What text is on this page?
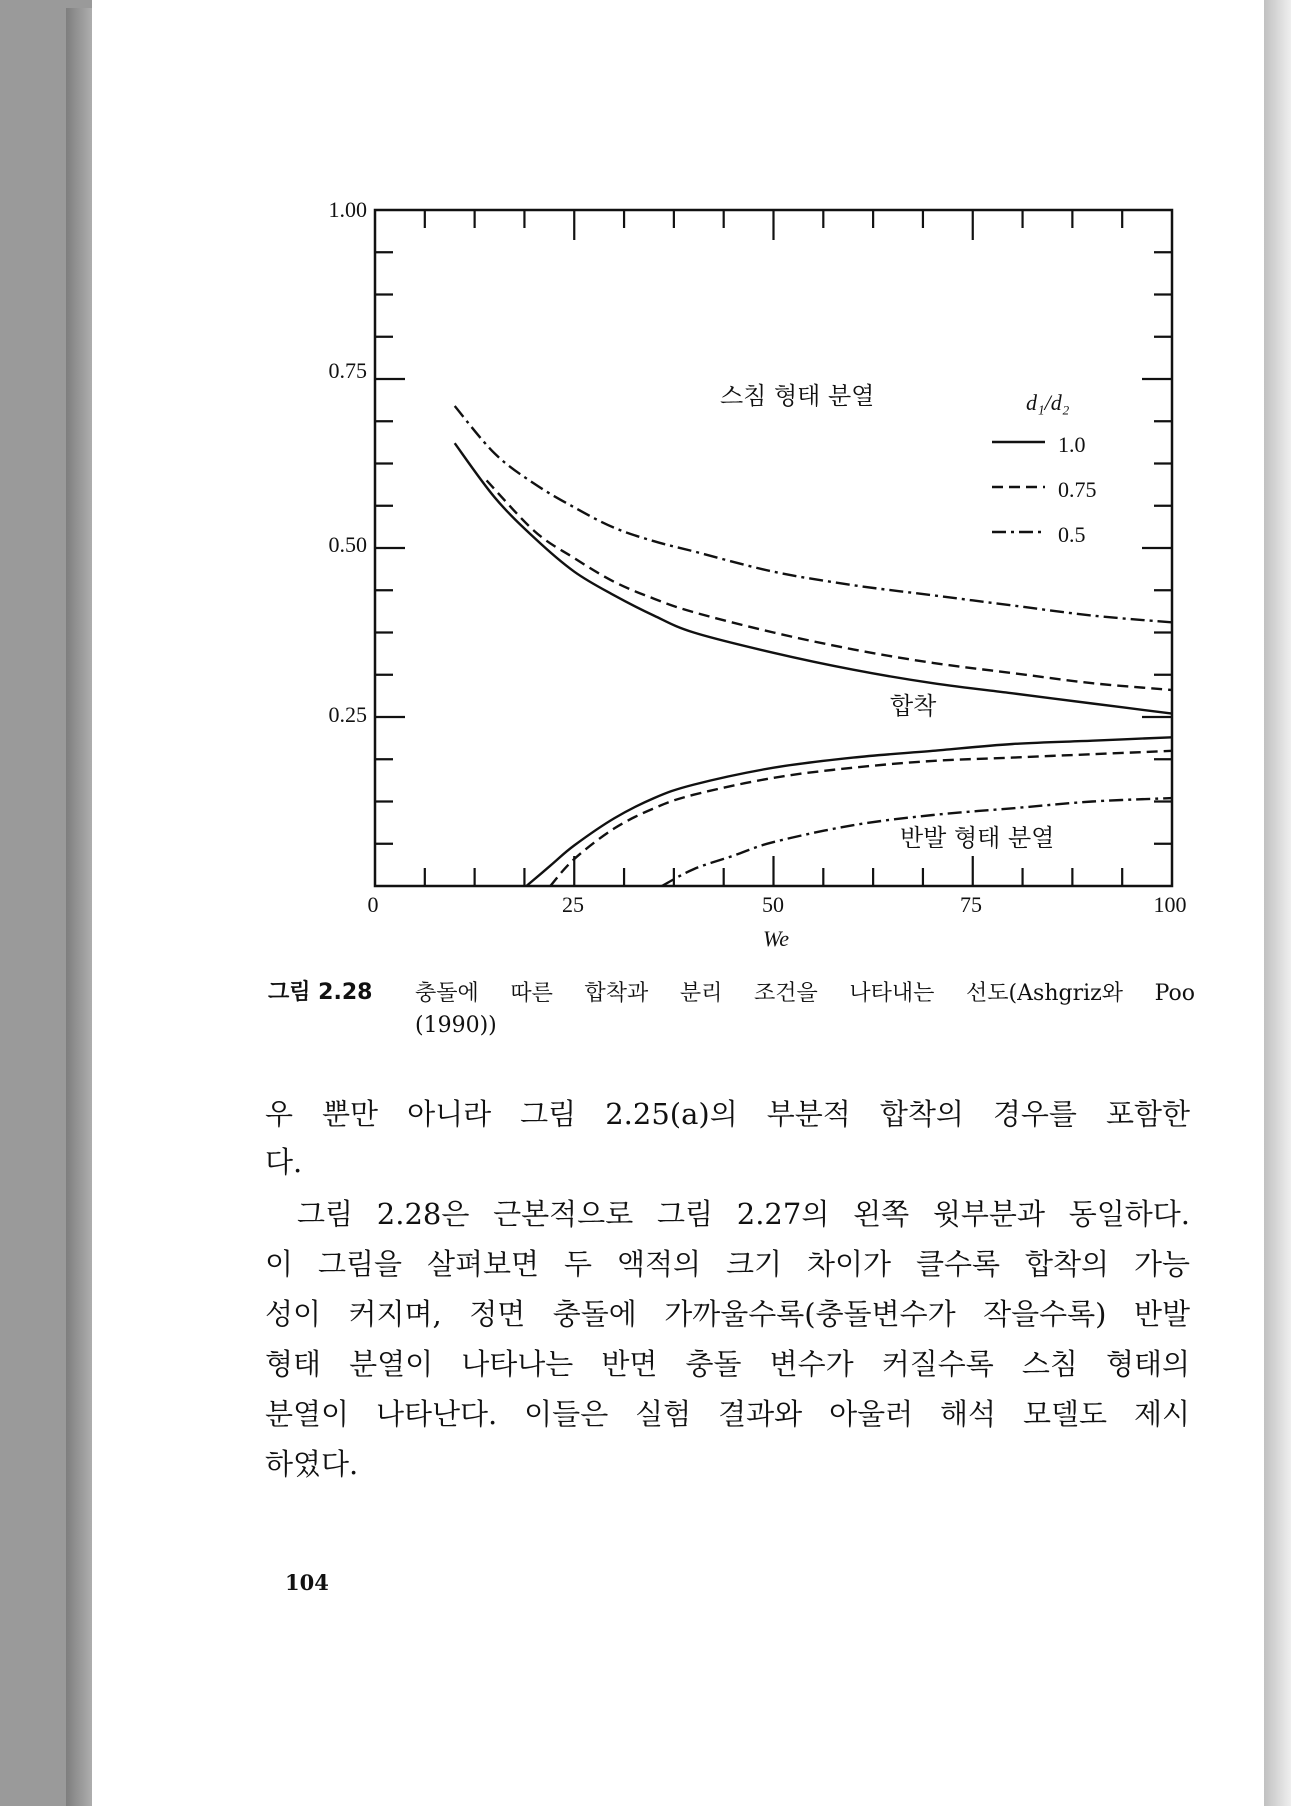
1.00
0.75
0.50
0.25
0	25	50	75	100
We
스침 형태 분열
합착
반발 형태 분열
d₁/d₂
1.0
0.75
0.5
그림 2.28 충돌에 따른 합착과 분리 조건을 나타내는 선도(Ashgriz와 Poo
(1990))
우 뿐만 아니라 그림 2.25(a)의 부분적 합착의 경우를 포함한
다.
그림 2.28은 근본적으로 그림 2.27의 왼쪽 윗부분과 동일하다.
이 그림을 살펴보면 두 액적의 크기 차이가 클수록 합착의 가능
성이 커지며, 정면 충돌에 가까울수록(충돌변수가 작을수록) 반발
형태 분열이 나타나는 반면 충돌 변수가 커질수록 스침 형태의
분열이 나타난다. 이들은 실험 결과와 아울러 해석 모델도 제시
하였다.
104
